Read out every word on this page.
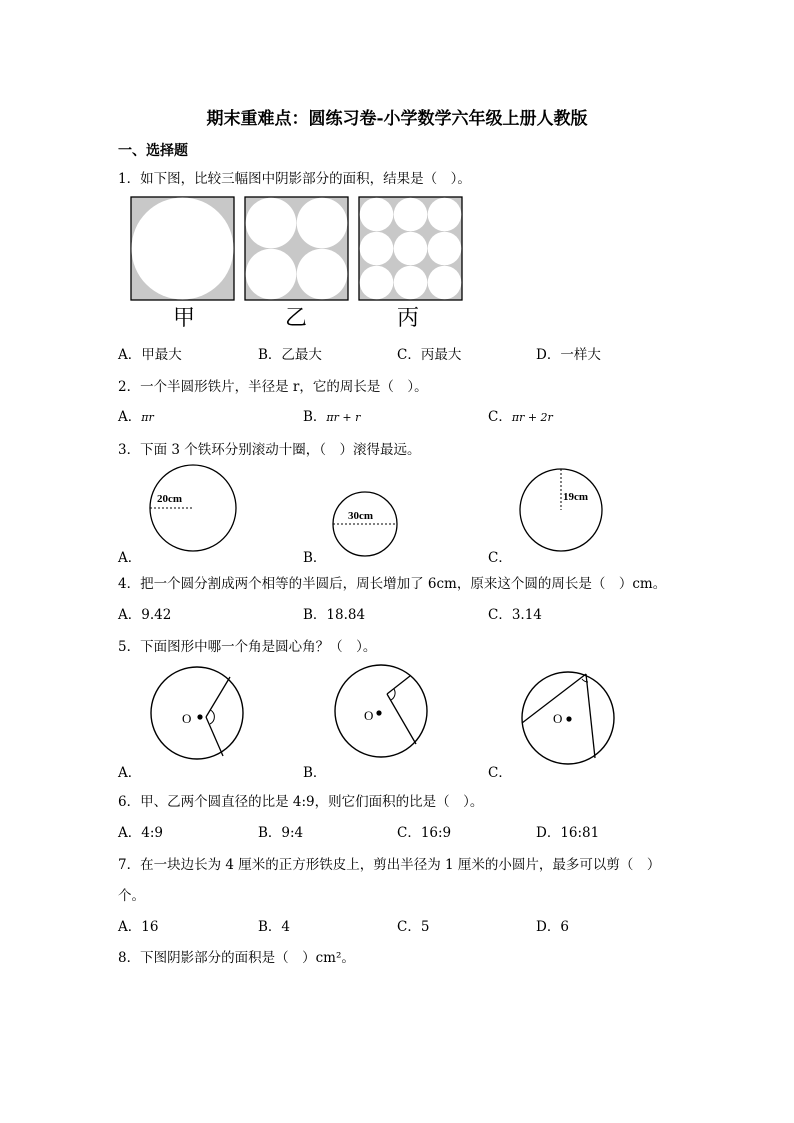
期末重难点：圆练习卷-小学数学六年级上册人教版
一、选择题
1．如下图，比较三幅图中阴影部分的面积，结果是（　）。
甲	乙	丙
A．甲最大	B．乙最大	C．丙最大	D．一样大
2．一个半圆形铁片，半径是 r，它的周长是（　）。
A．πr	B．πr + r	C．πr + 2r
3．下面 3 个铁环分别滚动十圈，（　）滚得最远。
20cm
30cm
19cm
A．	B．	C．
4．把一个圆分割成两个相等的半圆后，周长增加了 6cm，原来这个圆的周长是（　）cm。
A．9.42	B．18.84	C．3.14
5．下面图形中哪一个角是圆心角？（　）。
O	O	O
A．	B．	C．
6．甲、乙两个圆直径的比是 4:9，则它们面积的比是（　）。
A．4:9	B．9:4	C．16:9	D．16:81
7．在一块边长为 4 厘米的正方形铁皮上，剪出半径为 1 厘米的小圆片，最多可以剪（　）
个。
A．16	B．4	C．5	D．6
8．下图阴影部分的面积是（　）cm²。
